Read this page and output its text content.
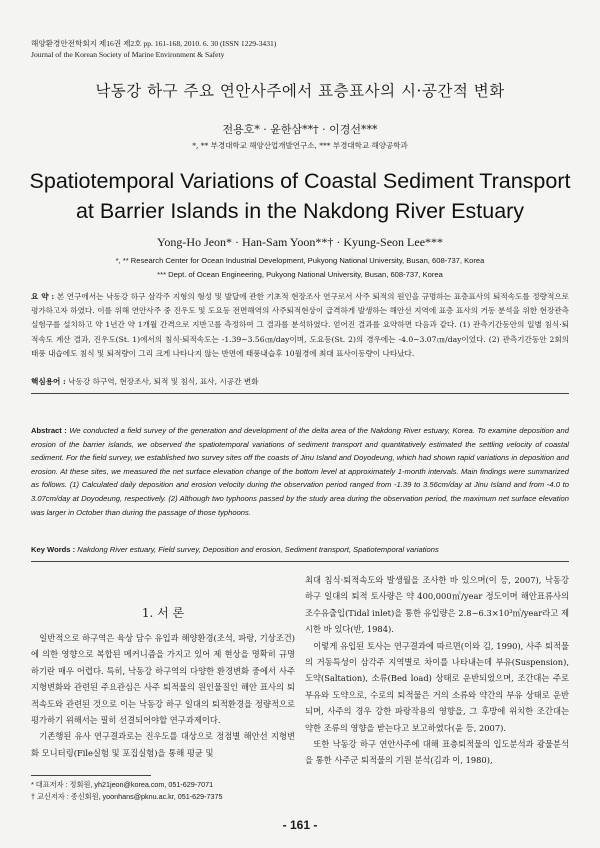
해양환경안전학회지 제16권 제2호 pp. 161-168, 2010. 6. 30 (ISSN 1229-3431)
Journal of the Korean Society of Marine Environment & Safety
낙동강 하구 주요 연안사주에서 표층표사의 시·공간적 변화
전용호* · 윤한삼**† · 이경선***
*, ** 부경대학교 해양산업개발연구소, *** 부경대학교 해양공학과
Spatiotemporal Variations of Coastal Sediment Transport
at Barrier Islands in the Nakdong River Estuary
Yong-Ho Jeon* · Han-Sam Yoon**† · Kyung-Seon Lee***
*, ** Research Center for Ocean Industrial Development, Pukyong National University, Busan, 608-737, Korea
*** Dept. of Ocean Engineering, Pukyong National University, Busan, 608-737, Korea
요 약 : 본 연구에서는 낙동강 하구 삼각주 지형의 형성 및 발달에 관한 기초적 현장조사 연구로서 사주 퇴적의 원인을 규명하는 표층표사의 퇴적속도를 정량적으로 평가하고자 하였다. 이를 위해 연안사주 중 진우도 및 도요등 전면해역의 사주퇴적현상이 급격하게 발생하는 해안선 지역에 표층 표사의 거동 분석을 위한 현장관측실험구를 설치하고 약 1년간 약 1개월 간격으로 지반고를 측정하여 그 결과를 분석하였다. 얻어진 결과를 요약하면 다음과 같다. (1) 관측기간동안의 일별 침식·퇴적속도 계산 결과, 진우도(St. 1)에서의 침식·퇴적속도는 -1.39~3.56㎝/day이며, 도요등(St. 2)의 경우에는 -4.0~3.07㎝/day이었다. (2) 관측기간동안 2회의 태풍 내습에도 침식 및 퇴적량이 그리 크게 나타나지 않는 반면에 태풍내습후 10월경에 최대 표사이동량이 나타났다.
핵심용어 : 낙동강 하구역, 현장조사, 퇴적 및 침식, 표사, 시공간 변화
Abstract : We conducted a field survey of the generation and development of the delta area of the Nakdong River estuary, Korea. To examine deposition and erosion of the barrier islands, we observed the spatiotemporal variations of sediment transport and quantitatively estimated the settling velocity of coastal sediment. For the field survey, we established two survey sites off the coasts of Jinu Island and Doyodeung, which had shown rapid variations in deposition and erosion. At these sites, we measured the net surface elevation change of the bottom level at approximately 1-month intervals. Main findings were summarized as follows. (1) Calculated daily deposition and erosion velocity during the observation period ranged from -1.39 to 3.56cm/day at Jinu Island and from -4.0 to 3.07cm/day at Doyodeung, respectively. (2) Although two typhoons passed by the study area during the observation period, the maximum net surface elevation was larger in October than during the passage of those typhoons.
Key Words : Nakdong River estuary, Field survey, Deposition and erosion, Sediment transport, Spatiotemporal variations
1. 서 론

일반적으로 하구역은 육상 담수 유입과 해양환경(조석, 파랑, 기상조건)에 의한 영향으로 복합된 메커니즘을 가지고 있어 제 현상을 명확히 규명하기란 매우 어렵다. 특히, 낙동강 하구역의 다양한 환경변화 중에서 사주 지형변화와 관련된 주요관심은 사주 퇴적물의 원인물질인 해안 표사의 퇴적속도와 관련된 것으로 이는 낙동강 하구 일대의 퇴적환경을 정량적으로 평가하기 위해서는 필히 선결되어야할 연구과제이다.

기존행된 유사 연구결과로는 진우도를 대상으로 정점별 해안선 지형변화 모니터링(File실험 및 포집실험)을 통해 평균 및

* 대표저자 : 정회원, yh21jeon@korea.com, 051-629-7071
† 교신저자 : 종신회원, yoonhans@pknu.ac.kr, 051-629-7375

최대 침식·퇴적속도와 발생월을 조사한 바 있으며(이 등, 2007), 낙동강 하구 일대의 퇴적 토사량은 약 400,000㎥/year 정도이며 해안표류사의 조수유출입(Tidal inlet)을 통한 유입량은 2.8~6.3×10³㎥/year라고 제시한 바 있다(반, 1984).

이렇게 유입된 토사는 연구결과에 따르면(이와 김, 1990), 사주 퇴적물의 거동특성이 삼각주 지역별로 차이를 나타내는데 부유(Suspension), 도약(Saltation), 소류(Bed load) 상태로 운반되었으며, 조간대는 주로 부유와 도약으로, 수로의 퇴적물은 거의 소류와 약간의 부유 상태로 운반되며, 사주의 경우 강한 파랑작용의 영향을, 그 후방에 위치한 조간대는 약한 조류의 영향을 받는다고 보고하였다(윤 등, 2007).

또한 낙동강 하구 연안사주에 대해 표층퇴적물의 입도분석과 광물분석을 통한 사주군 퇴적물의 기원 분석(김과 이, 1980),

- 161 -
